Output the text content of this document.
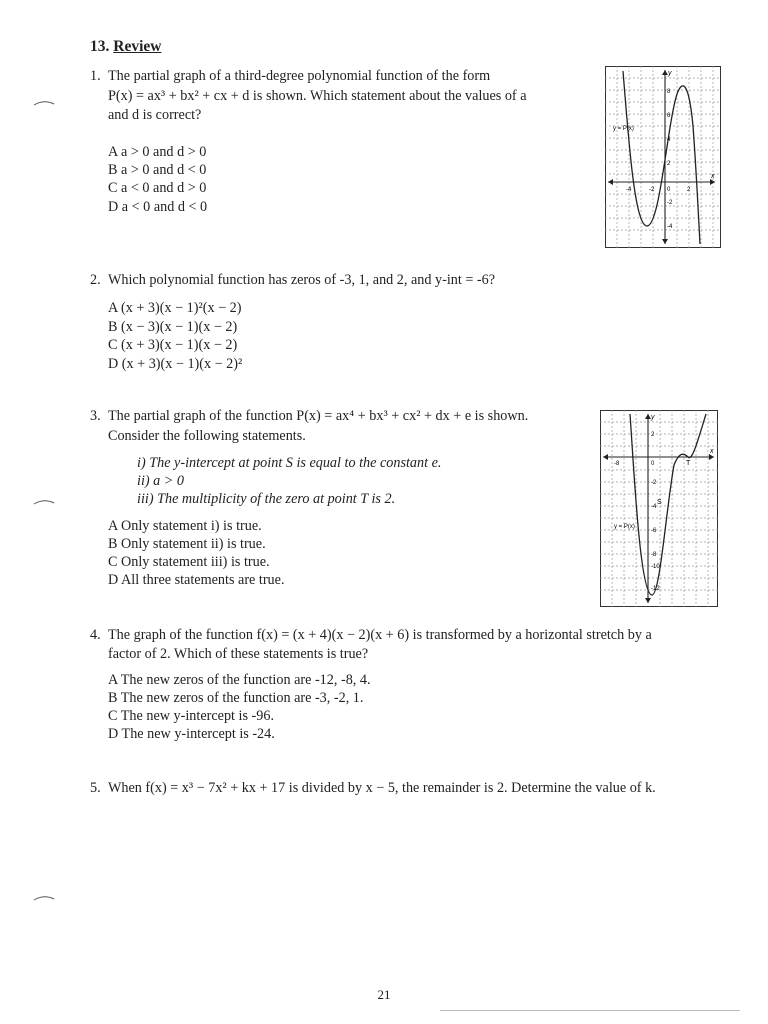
13. Review
1. The partial graph of a third-degree polynomial function of the form
P(x) = ax³ + bx² + cx + d is shown. Which statement about the values of a
and d is correct?
A a > 0 and d > 0
B a > 0 and d < 0
C a < 0 and d > 0
D a < 0 and d < 0
y = P(x)
y
x
8
6
4
2
-4	-2 0	2
-2
-4
2. Which polynomial function has zeros of -3, 1, and 2, and y-int = -6?
A (x + 3)(x − 1)²(x − 2)
B (x − 3)(x − 1)(x − 2)
C (x + 3)(x − 1)(x − 2)
D (x + 3)(x − 1)(x − 2)²
3. The partial graph of the function P(x) = ax⁴ + bx³ + cx² + dx + e is shown.
Consider the following statements.
i) The y-intercept at point S is equal to the constant e.
ii) a > 0
iii) The multiplicity of the zero at point T is 2.
A Only statement i) is true.
B Only statement ii) is true.
C Only statement iii) is true.
D All three statements are true.
y = P(x)
y
x
2
-8	0	T
-2
-4
S
-6
-8
-10
-12
4. The graph of the function f(x) = (x + 4)(x − 2)(x + 6) is transformed by a horizontal stretch by a
factor of 2. Which of these statements is true?
A The new zeros of the function are -12, -8, 4.
B The new zeros of the function are -3, -2, 1.
C The new y-intercept is -96.
D The new y-intercept is -24.
5. When f(x) = x³ − 7x² + kx + 17 is divided by x − 5, the remainder is 2. Determine the value of k.
21
